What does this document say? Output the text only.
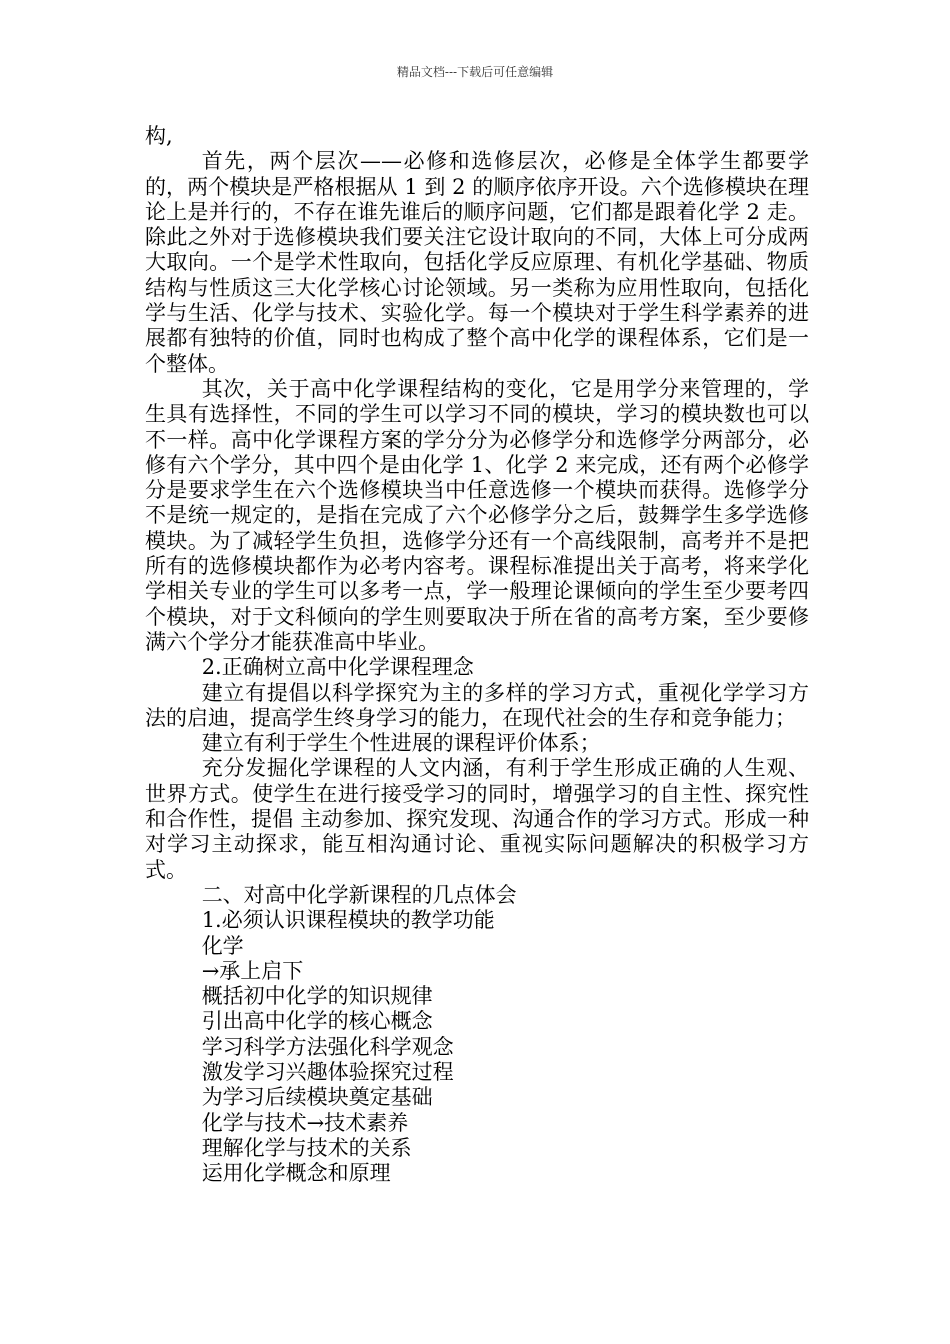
精品文档---下载后可任意编辑

构,

首先，两个层次——必修和选修层次，必修是全体学生都要学的，两个模块是严格根据从 1 到 2 的顺序依序开设。六个选修模块在理论上是并行的，不存在谁先谁后的顺序问题，它们都是跟着化学 2 走。除此之外对于选修模块我们要关注它设计取向的不同，大体上可分成两大取向。一个是学术性取向，包括化学反应原理、有机化学基础、物质结构与性质这三大化学核心讨论领域。另一类称为应用性取向，包括化学与生活、化学与技术、实验化学。每一个模块对于学生科学素养的进展都有独特的价值，同时也构成了整个高中化学的课程体系，它们是一个整体。

其次，关于高中化学课程结构的变化，它是用学分来管理的，学生具有选择性，不同的学生可以学习不同的模块，学习的模块数也可以不一样。高中化学课程方案的学分分为必修学分和选修学分两部分，必修有六个学分，其中四个是由化学 1、化学 2 来完成，还有两个必修学分是要求学生在六个选修模块当中任意选修一个模块而获得。选修学分不是统一规定的，是指在完成了六个必修学分之后，鼓舞学生多学选修模块。为了减轻学生负担，选修学分还有一个高线限制，高考并不是把所有的选修模块都作为必考内容考。课程标准提出关于高考，将来学化学相关专业的学生可以多考一点，学一般理论课倾向的学生至少要考四个模块，对于文科倾向的学生则要取决于所在省的高考方案，至少要修满六个学分才能获准高中毕业。

2.正确树立高中化学课程理念

建立有提倡以科学探究为主的多样的学习方式，重视化学学习方法的启迪，提高学生终身学习的能力，在现代社会的生存和竞争能力；

建立有利于学生个性进展的课程评价体系；

充分发掘化学课程的人文内涵，有利于学生形成正确的人生观、世界方式。使学生在进行接受学习的同时，增强学习的自主性、探究性和合作性，提倡 主动参加、探究发现、沟通合作的学习方式。形成一种对学习主动探求，能互相沟通讨论、重视实际问题解决的积极学习方式。

二、对高中化学新课程的几点体会

1.必须认识课程模块的教学功能

化学

→承上启下

概括初中化学的知识规律

引出高中化学的核心概念

学习科学方法强化科学观念

激发学习兴趣体验探究过程

为学习后续模块奠定基础

化学与技术→技术素养

理解化学与技术的关系

运用化学概念和原理
